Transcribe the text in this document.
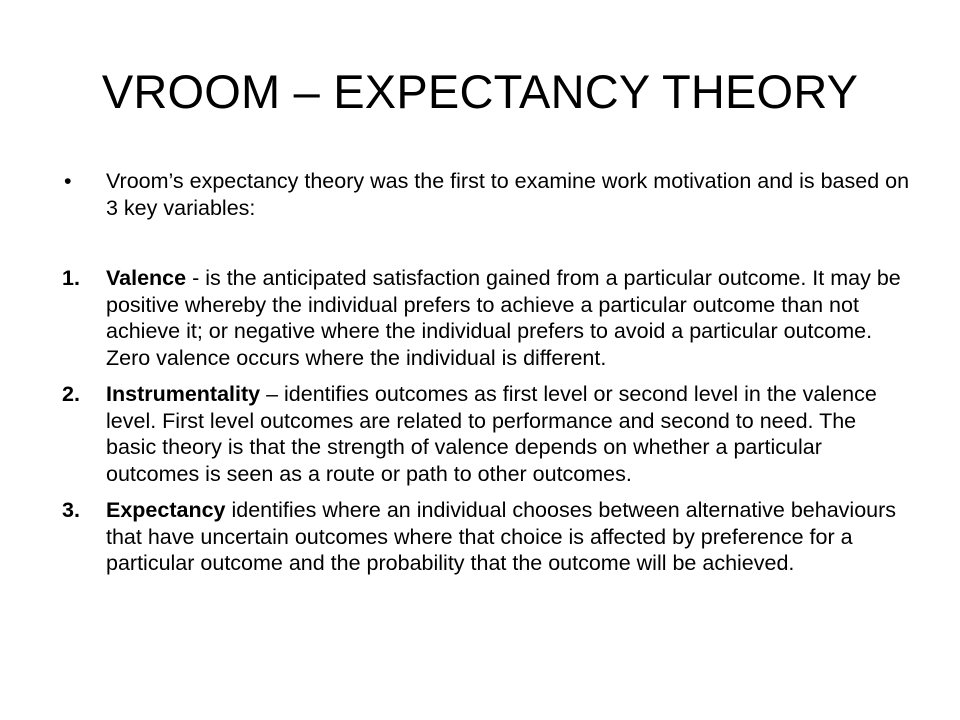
VROOM – EXPECTANCY THEORY
•	Vroom’s expectancy theory was the first to examine work motivation and is based on 3 key variables:
1.	Valence - is the anticipated satisfaction gained from a particular outcome. It may be positive whereby the individual prefers to achieve a particular outcome than not achieve it; or negative where the individual prefers to avoid a particular outcome. Zero valence occurs where the individual is different.
2.	Instrumentality – identifies outcomes as first level or second level in the valence level. First level outcomes are related to performance and second to need. The basic theory is that the strength of valence depends on whether a particular outcomes is seen as a route or path to other outcomes.
3.	Expectancy identifies where an individual chooses between alternative behaviours that have uncertain outcomes where that choice is affected by preference for a particular outcome and the probability that the outcome will be achieved.
